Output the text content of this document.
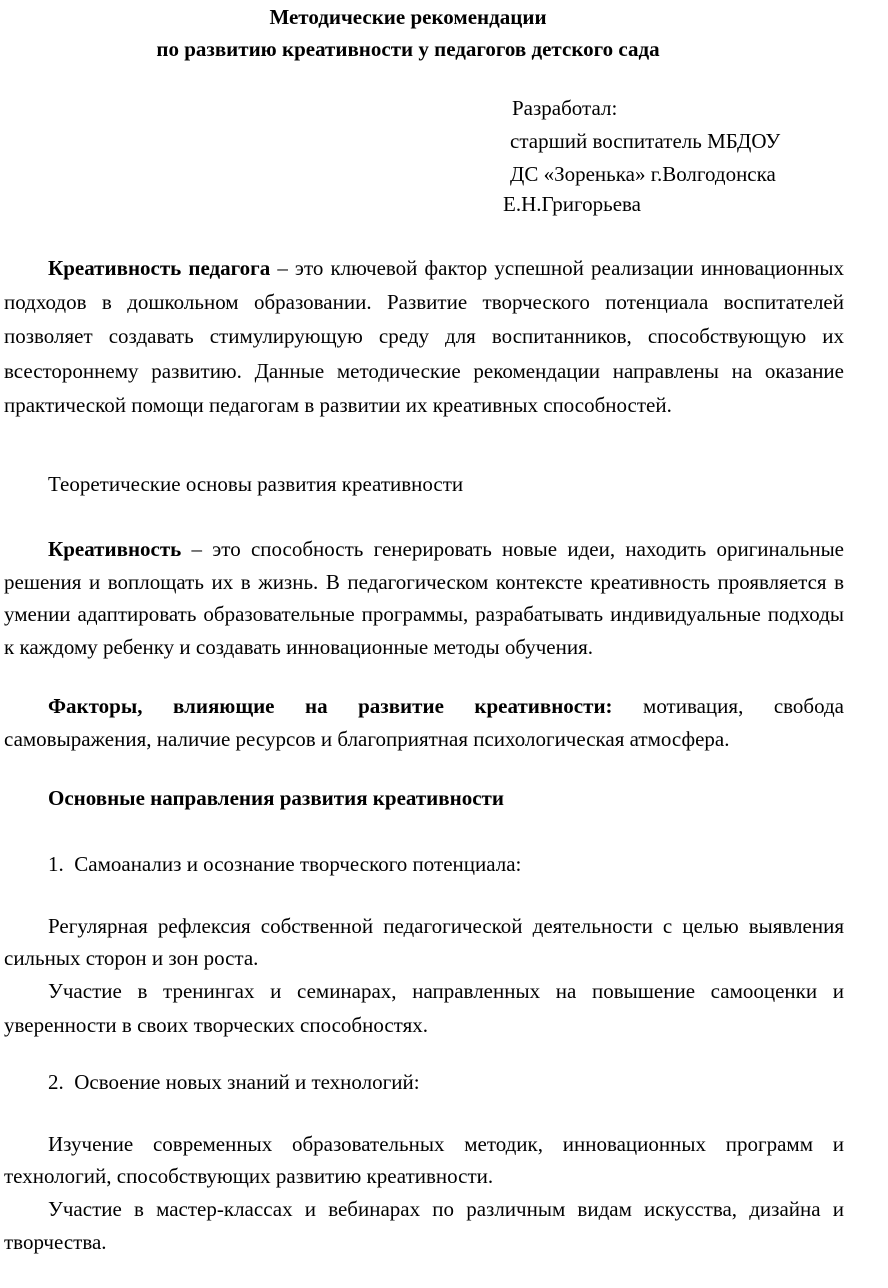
Методические рекомендации
по развитию креативности у педагогов детского сада
Разработал:
старший воспитатель МБДОУ
ДС «Зоренька» г.Волгодонска
Е.Н.Григорьева
Креативность педагога – это ключевой фактор успешной реализации инновационных подходов в дошкольном образовании. Развитие творческого потенциала воспитателей позволяет создавать стимулирующую среду для воспитанников, способствующую их всестороннему развитию. Данные методические рекомендации направлены на оказание практической помощи педагогам в развитии их креативных способностей.
Теоретические основы развития креативности
Креативность – это способность генерировать новые идеи, находить оригинальные решения и воплощать их в жизнь. В педагогическом контексте креативность проявляется в умении адаптировать образовательные программы, разрабатывать индивидуальные подходы к каждому ребенку и создавать инновационные методы обучения.
Факторы, влияющие на развитие креативности: мотивация, свобода самовыражения, наличие ресурсов и благоприятная психологическая атмосфера.
Основные направления развития креативности
1. Самоанализ и осознание творческого потенциала:
Регулярная рефлексия собственной педагогической деятельности с целью выявления сильных сторон и зон роста.
Участие в тренингах и семинарах, направленных на повышение самооценки и уверенности в своих творческих способностях.
2. Освоение новых знаний и технологий:
Изучение современных образовательных методик, инновационных программ и технологий, способствующих развитию креативности.
Участие в мастер-классах и вебинарах по различным видам искусства, дизайна и творчества.
